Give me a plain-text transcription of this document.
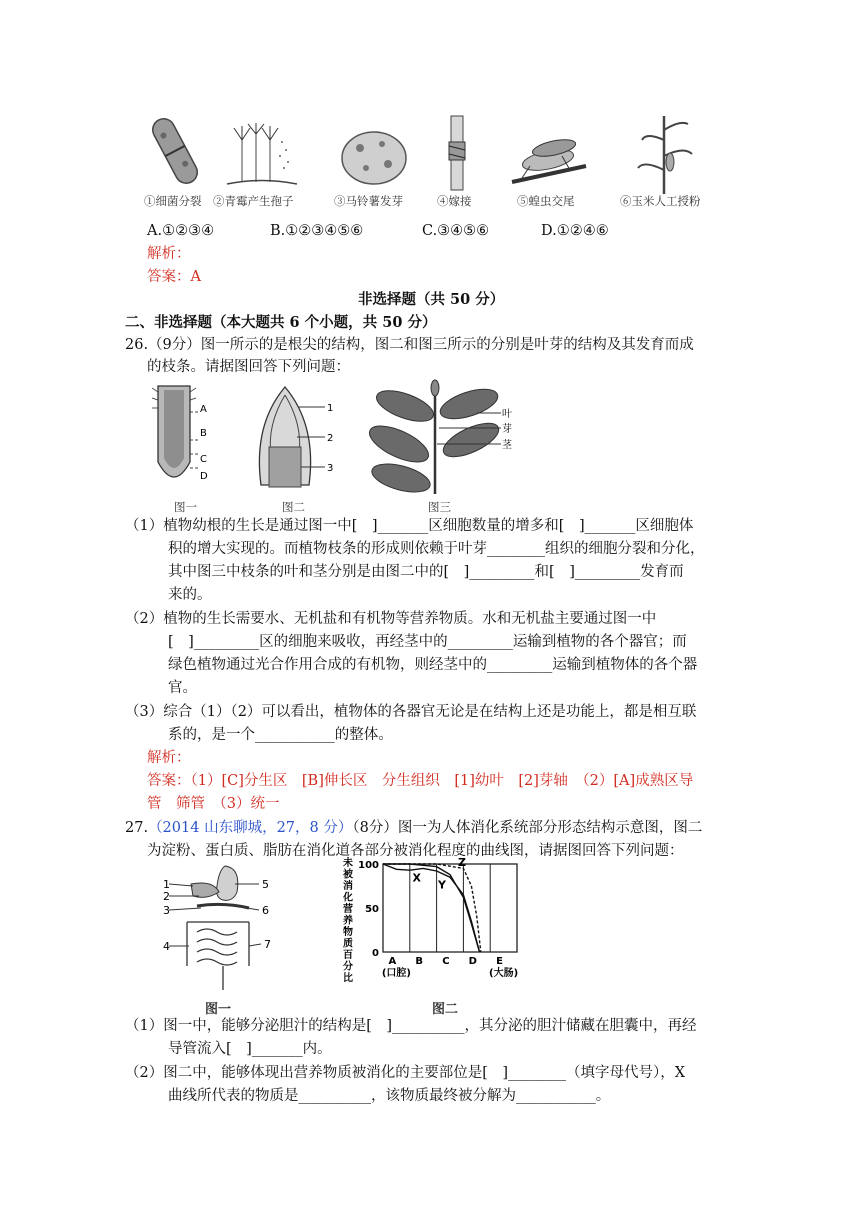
①细菌分裂 ②青霉产生孢子	③马铃薯发芽	④嫁接	⑤蝗虫交尾	⑥玉米人工授粉
A.①②③④	B.①②③④⑤⑥	C.③④⑤⑥	D.①②④⑥
解析：
答案：A
非选择题（共 50 分）
二、非选择题（本大题共 6 个小题，共 50 分）
26.（9分）图一所示的是根尖的结构，图二和图三所示的分别是叶芽的结构及其发育而成
的枝条。请据图回答下列问题：
A
B
C
D
1
2
3
叶
芽
茎
图一	图二	图三
（1）植物幼根的生长是通过图一中[　]_______区细胞数量的增多和[　]_______区细胞体
积的增大实现的。而植物枝条的形成则依赖于叶芽________组织的细胞分裂和分化，
其中图三中枝条的叶和茎分别是由图二中的[　]_________和[　]_________发育而
来的。
（2）植物的生长需要水、无机盐和有机物等营养物质。水和无机盐主要通过图一中
[　]_________区的细胞来吸收，再经茎中的_________运输到植物的各个器官；而
绿色植物通过光合作用合成的有机物，则经茎中的_________运输到植物体的各个器
官。
（3）综合（1）（2）可以看出，植物体的各器官无论是在结构上还是功能上，都是相互联
系的，是一个___________的整体。
解析：
答案：（1）[C]分生区　[B]伸长区　分生组织　[1]幼叶　[2]芽轴　（2）[A]成熟区导
管　筛管　（3）统一
27.（2014 山东聊城，27，8 分）（8分）图一为人体消化系统部分形态结构示意图，图二
为淀粉、蛋白质、脂肪在消化道各部分被消化程度的曲线图，请据图回答下列问题：
1
2
3
4
5
6
7
未
被
消
化
营
养
物
质
百
分
比
0
50
100
A
(口腔)
B C D E
(大肠)
X
Y
Z
图一	图二
（1）图一中，能够分泌胆汁的结构是[　]__________，其分泌的胆汁储藏在胆囊中，再经
导管流入[　]_______内。
（2）图二中，能够体现出营养物质被消化的主要部位是[　]________（填字母代号），X
曲线所代表的物质是__________，该物质最终被分解为___________。
